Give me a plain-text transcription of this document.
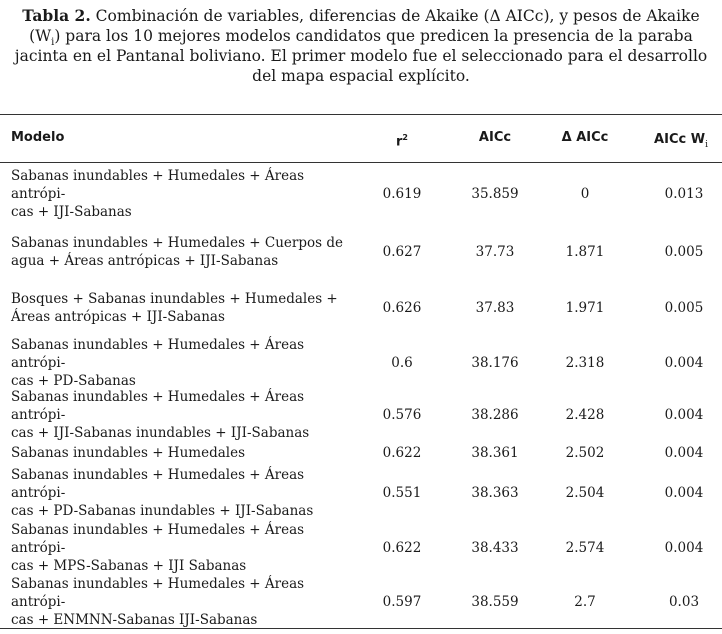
Tabla 2. Combinación de variables, diferencias de Akaike (Δ AICc), y pesos de Akaike $(W_i)$ para los 10 mejores modelos candidatos que predicen la presencia de la paraba jacinta en el Pantanal boliviano. El primer modelo fue el seleccionado para el desarrollo del mapa espacial explícito.
Modelo	$r^2$	AICc	Δ AICc	AICc $W_i$
Sabanas inundables + Humedales + Áreas antrópi-
cas + IJI-Sabanas
0.619	35.859	0	0.013
Sabanas inundables + Humedales + Cuerpos de
agua + Áreas antrópicas + IJI-Sabanas
0.627	37.73	1.871	0.005
Bosques + Sabanas inundables + Humedales +
Áreas antrópicas + IJI-Sabanas
0.626	37.83	1.971	0.005
Sabanas inundables + Humedales + Áreas antrópi-
cas + PD-Sabanas
0.6	38.176	2.318	0.004
Sabanas inundables + Humedales + Áreas antrópi-
cas + IJI-Sabanas inundables + IJI-Sabanas
0.576	38.286	2.428	0.004
Sabanas inundables + Humedales	0.622	38.361	2.502	0.004
Sabanas inundables + Humedales + Áreas antrópi-
cas + PD-Sabanas inundables + IJI-Sabanas
0.551	38.363	2.504	0.004
Sabanas inundables + Humedales + Áreas antrópi-
cas + MPS-Sabanas + IJI Sabanas
0.622	38.433	2.574	0.004
Sabanas inundables + Humedales + Áreas antrópi-
cas + ENMNN-Sabanas IJI-Sabanas
0.597	38.559	2.7	0.03
